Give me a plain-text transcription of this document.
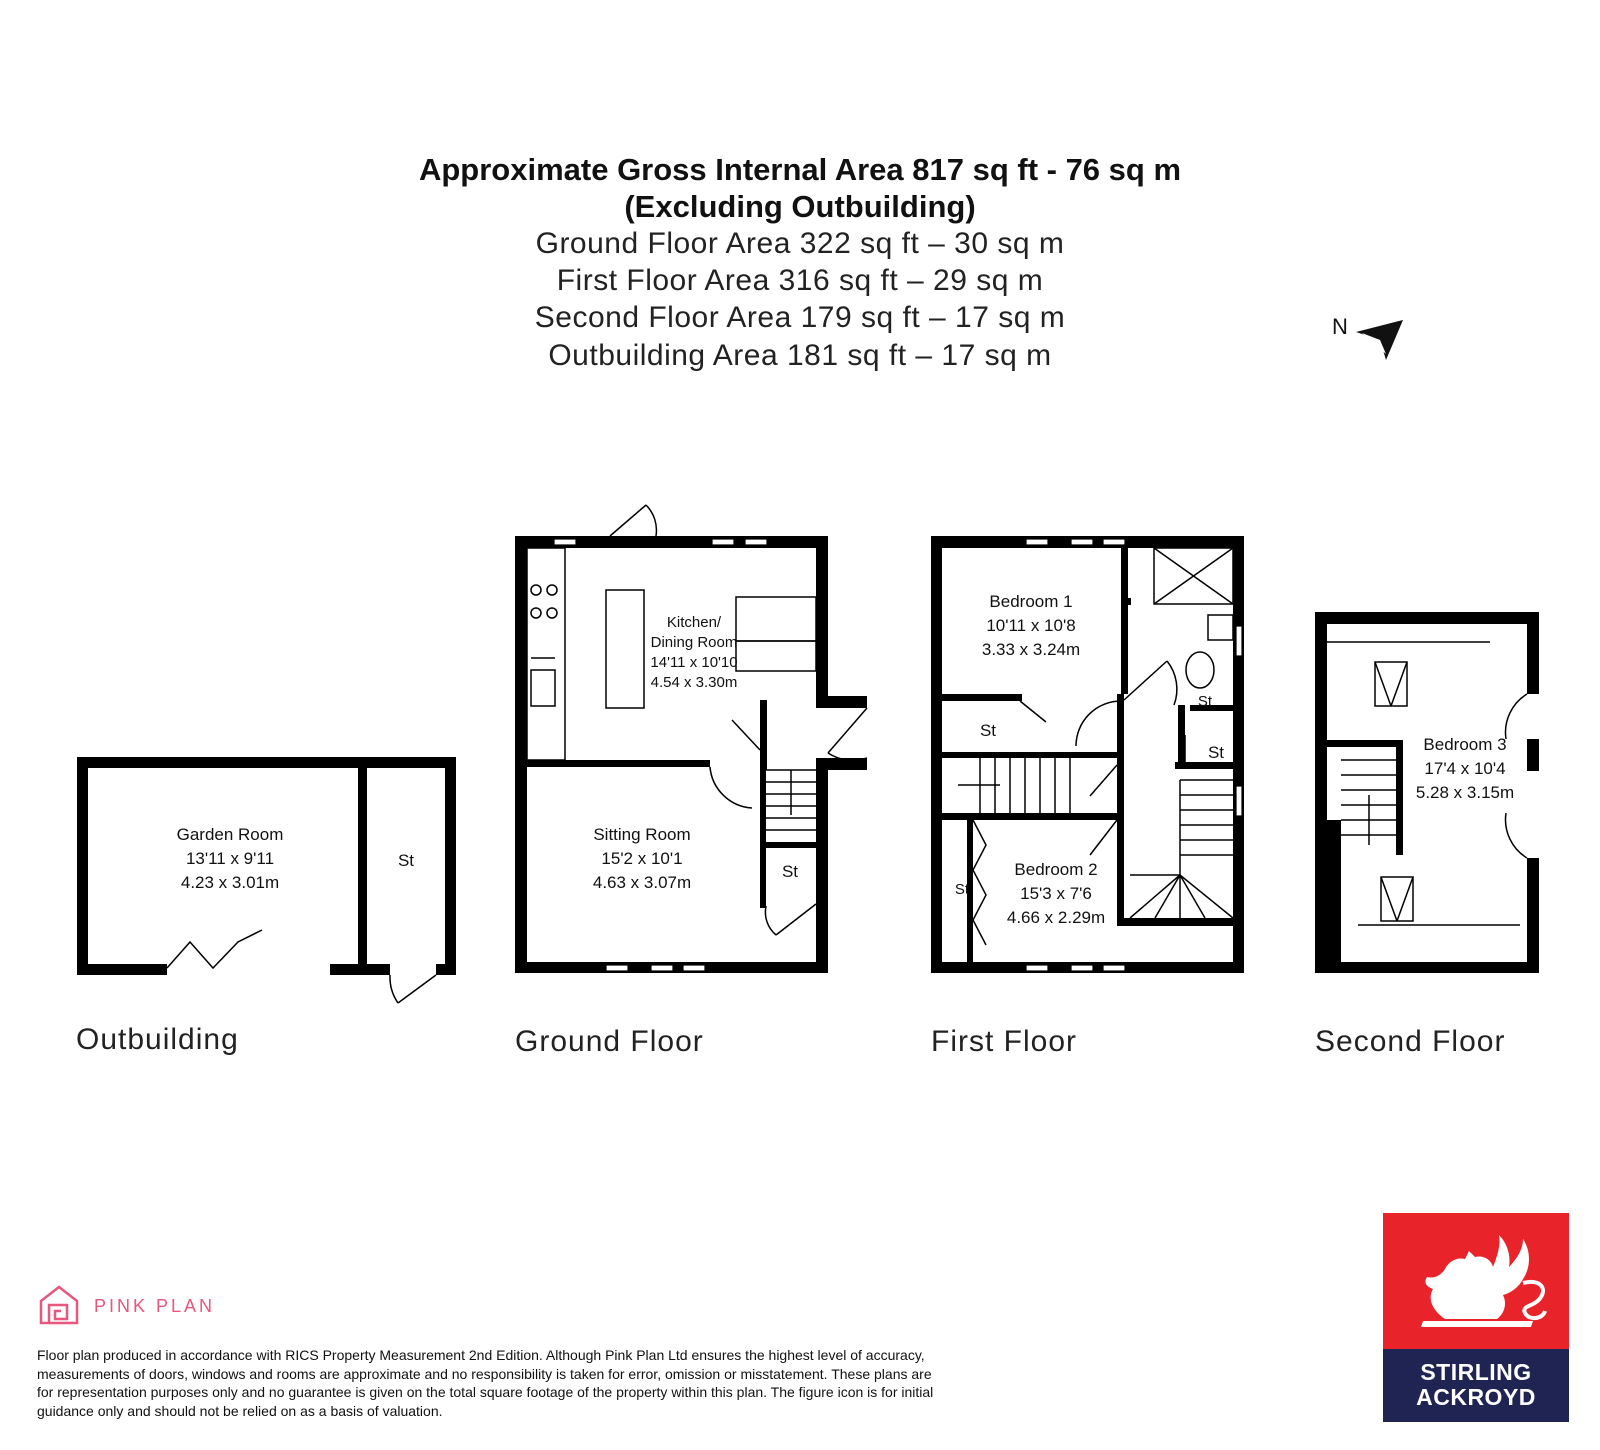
Approximate Gross Internal Area 817 sq ft - 76 sq m
(Excluding Outbuilding)
Ground Floor Area 322 sq ft – 30 sq m
First Floor Area 316 sq ft – 29 sq m
Second Floor Area 179 sq ft – 17 sq m
Outbuilding Area 181 sq ft – 17 sq m
N
Garden Room
13'11 x 9'11
4.23 x 3.01m
St
Kitchen/
Dining Room
14'11 x 10'10
4.54 x 3.30m
Sitting Room
15'2 x 10'1
4.63 x 3.07m
St
Bedroom 1
10'11 x 10'8
3.33 x 3.24m
St
St
St
St
Bedroom 2
15'3 x 7'6
4.66 x 2.29m
Bedroom 3
17'4 x 10'4
5.28 x 3.15m
Outbuilding	Ground Floor	First Floor	Second Floor
PINK PLAN
Floor plan produced in accordance with RICS Property Measurement 2nd Edition. Although Pink Plan Ltd ensures the highest level of accuracy, measurements of doors, windows and rooms are approximate and no responsibility is taken for error, omission or misstatement. These plans are for representation purposes only and no guarantee is given on the total square footage of the property within this plan. The figure icon is for initial guidance only and should not be relied on as a basis of valuation.
STIRLING
ACKROYD
